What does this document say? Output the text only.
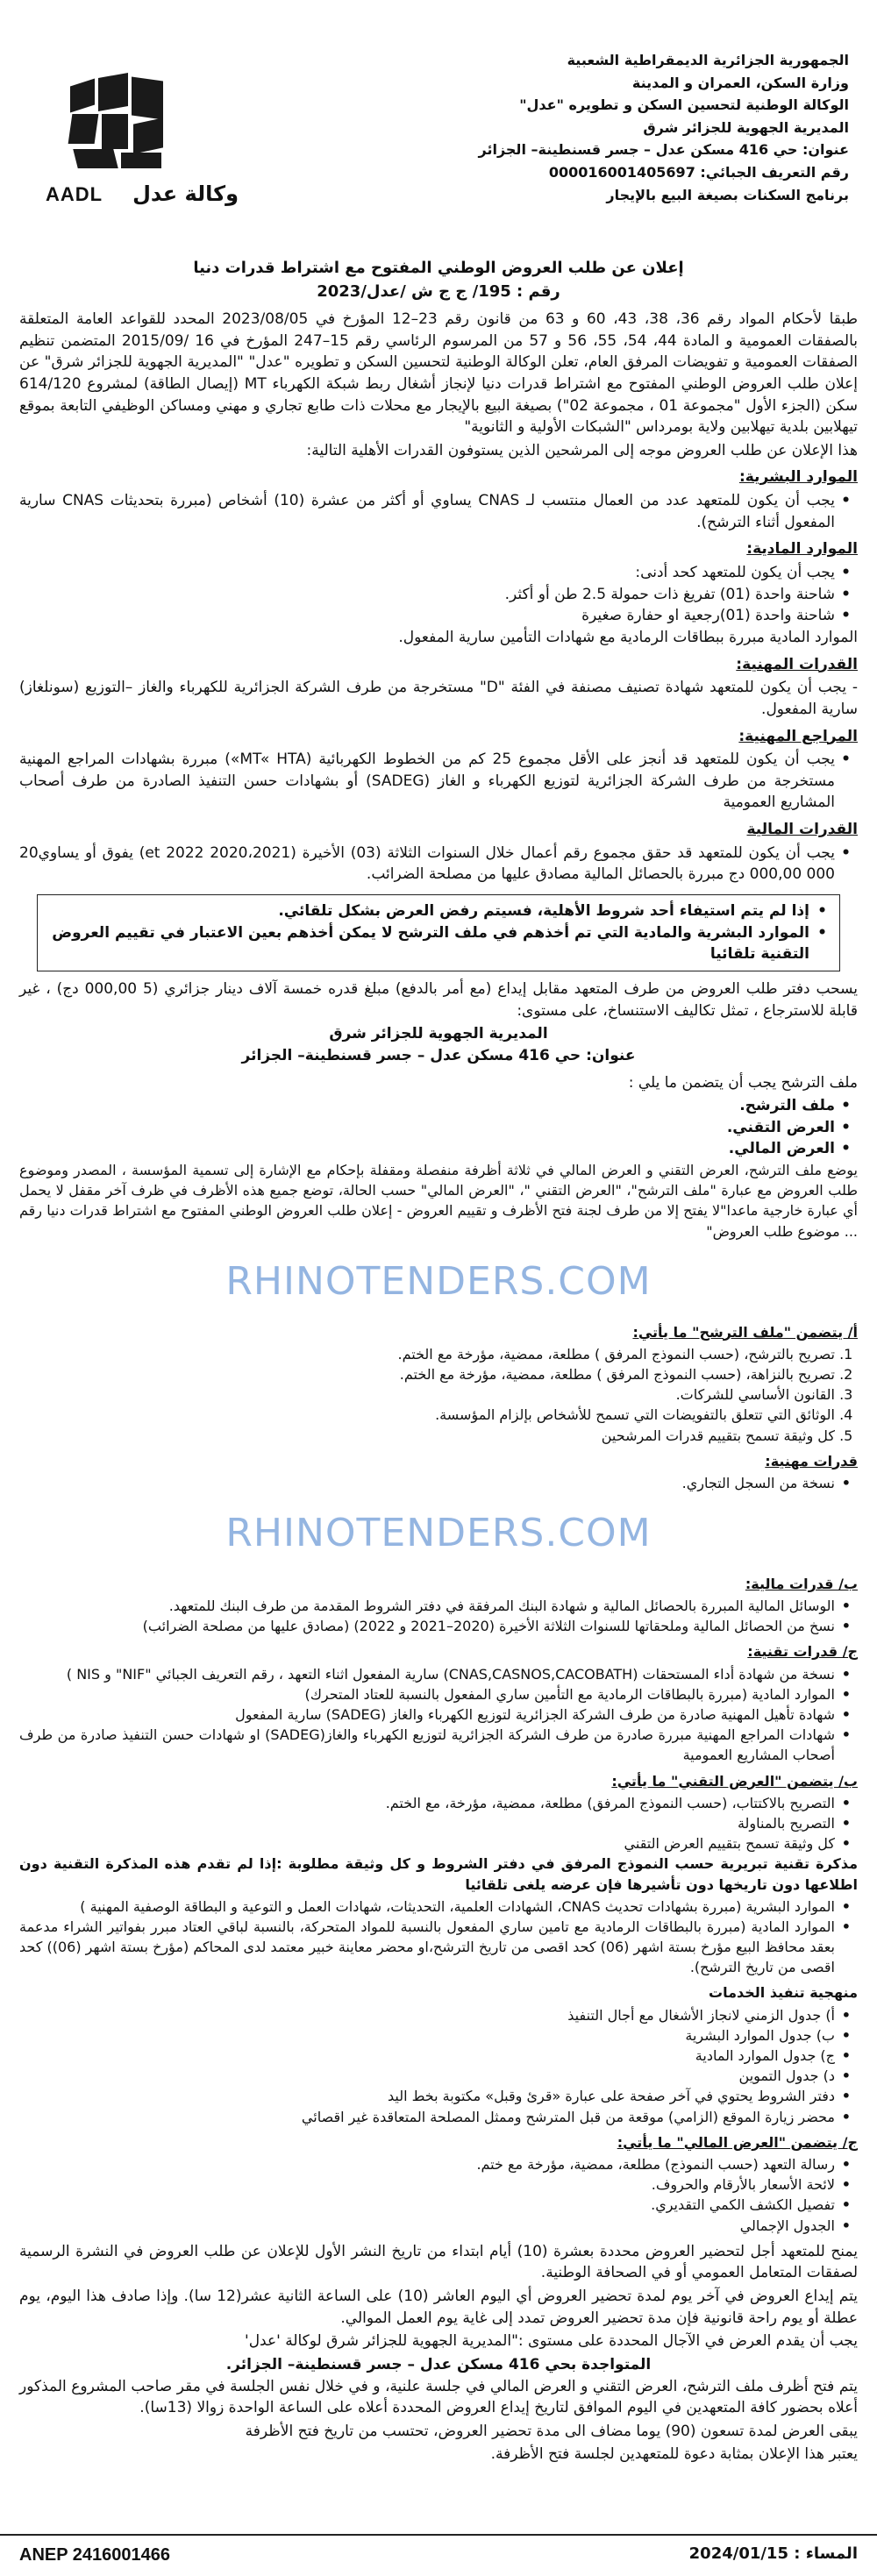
الجمهورية الجزائرية الديمقراطية الشعبية
وزارة السكن، العمران و المدينة
الوكالة الوطنية لتحسين السكن و تطويره "عدل"
المديرية الجهوية للجزائر شرق
عنوان: حي 416 مسكن عدل – جسر قسنطينة– الجزائر
رقم التعريف الجبائي: 000016001405697
برنامج السكنات بصيغة البيع بالإيجار
AADL وكالة عدل
إعلان عن طلب العروض الوطني المفتوح مع اشتراط قدرات دنيا
رقم : 195/ ج ج ش /عدل/2023

طبقا لأحكام المواد رقم 36، 38، 43، 60 و 63 من قانون رقم 23–12 المؤرخ في 2023/08/05 المحدد للقواعد العامة المتعلقة بالصفقات العمومية و المادة 44، 54، 55، 56 و 57 من المرسوم الرئاسي رقم 15–247 المؤرخ في 16 /2015/09 المتضمن تنظيم الصفقات العمومية و تفويضات المرفق العام، تعلن الوكالة الوطنية لتحسين السكن و تطويره "عدل" "المديرية الجهوية للجزائر شرق" عن إعلان طلب العروض الوطني المفتوح مع اشتراط قدرات دنيا لإنجاز أشغال ربط شبكة الكهرباء MT (إيصال الطاقة) لمشروع 614/120 سكن (الجزء الأول "مجموعة 01 ، مجموعة 02") بصيغة البيع بالإيجار مع محلات ذات طابع تجاري و مهني ومساكن الوظيفي التابعة بموقع تيهلابين بلدية تيهلابين ولاية بومرداس "الشبكات الأولية و الثانوية"

هذا الإعلان عن طلب العروض موجه إلى المرشحين الذين يستوفون القدرات الأهلية التالية:

الموارد البشرية:
• يجب أن يكون للمتعهد عدد من العمال منتسب لـ CNAS يساوي أو أكثر من عشرة (10) أشخاص (مبررة بتحديثات CNAS سارية المفعول أثناء الترشح).
الموارد المادية:
• يجب أن يكون للمتعهد كحد أدنى:
• شاحنة واحدة (01) تفريغ ذات حمولة 2.5 طن أو أكثر.
• شاحنة واحدة (01)رجعية او حفارة صغيرة

الموارد المادية مبررة ببطاقات الرمادية مع شهادات التأمين سارية المفعول.

القدرات المهنية:

- يجب أن يكون للمتعهد شهادة تصنيف مصنفة في الفئة "D" مستخرجة من طرف الشركة الجزائرية للكهرباء والغاز –التوزيع (سونلغاز) سارية المفعول.

المراجع المهنية:
• يجب أن يكون للمتعهد قد أنجز على الأقل مجموع 25 كم من الخطوط الكهربائية (MT« HTA») مبررة بشهادات المراجع المهنية مستخرجة من طرف الشركة الجزائرية لتوزيع الكهرباء و الغاز (SADEG) أو بشهادات حسن التنفيذ الصادرة من طرف أصحاب المشاريع العمومية
القدرات المالية
• يجب أن يكون للمتعهد قد حقق مجموع رقم أعمال خلال السنوات الثلاثة (03) الأخيرة (2020،2021 et 2022) يفوق أو يساوي20 000 000,00 دج مبررة بالحصائل المالية مصادق عليها من مصلحة الضرائب.
• إذا لم يتم استيفاء أحد شروط الأهلية، فسيتم رفض العرض بشكل تلقائي.
• الموارد البشرية والمادية التي تم أخذهم في ملف الترشح لا يمكن أخذهم بعين الاعتبار في تقييم العروض التقنية تلقائيا

يسحب دفتر طلب العروض من طرف المتعهد مقابل إيداع (مع أمر بالدفع) مبلغ قدره خمسة آلاف دينار جزائري (5 000,00 دج) ، غير قابلة للاسترجاع ، تمثل تكاليف الاستنساخ، على مستوى:

المديرية الجهوية للجزائر شرق
عنوان: حي 416 مسكن عدل – جسر قسنطينة– الجزائر

ملف الترشح يجب أن يتضمن ما يلي :

• ملف الترشح.
• العرض التقني.
• العرض المالي.

يوضع ملف الترشح، العرض التقني و العرض المالي في ثلاثة أظرفة منفصلة ومقفلة بإحكام مع الإشارة إلى تسمية المؤسسة ، المصدر وموضوع طلب العروض مع عبارة "ملف الترشح"، "العرض التقني "، "العرض المالي" حسب الحالة، توضع جميع هذه الأظرف في ظرف آخر مقفل لا يحمل أي عبارة خارجية ماعدا"لا يفتح إلا من طرف لجنة فتح الأظرف و تقييم العروض - إعلان طلب العروض الوطني المفتوح مع اشتراط قدرات دنيا رقم ... موضوع طلب العروض"

RHINOTENDERS.COM
أ/ يتضمن "ملف الترشح" ما يأتي:
1. تصريح بالترشح، (حسب النموذج المرفق ) مطلعة، ممضية، مؤرخة مع الختم.
2. تصريح بالنزاهة، (حسب النموذج المرفق ) مطلعة، ممضية، مؤرخة مع الختم.
3. القانون الأساسي للشركات.
4. الوثائق التي تتعلق بالتفويضات التي تسمح للأشخاص بإلزام المؤسسة.
5. كل وثيقة تسمح بتقييم قدرات المرشحين
قدرات مهنية:
• نسخة من السجل التجاري.
RHINOTENDERS.COM
ب/ قدرات مالية:
• الوسائل المالية المبررة بالحصائل المالية و شهادة البنك المرفقة في دفتر الشروط المقدمة من طرف البنك للمتعهد.
• نسخ من الحصائل المالية وملحقاتها للسنوات الثلاثة الأخيرة (2020–2021 و 2022) (مصادق عليها من مصلحة الضرائب)
ج/ قدرات تقنية:
• نسخة من شهادة أداء المستحقات (CNAS,CASNOS,CACOBATH) سارية المفعول اثناء التعهد ، رقم التعريف الجبائي "NIF" و NIS )
• الموارد المادية (مبررة بالبطاقات الرمادية مع التأمين ساري المفعول بالنسبة للعتاد المتحرك)
• شهادة تأهيل المهنية صادرة من طرف الشركة الجزائرية لتوزيع الكهرباء والغاز (SADEG) سارية المفعول
• شهادات المراجع المهنية مبررة صادرة من طرف الشركة الجزائرية لتوزيع الكهرباء والغاز(SADEG) او شهادات حسن التنفيذ صادرة من طرف أصحاب المشاريع العمومية
ب/ يتضمن "العرض التقني" ما يأتي:
• التصريح بالاكتتاب، (حسب النموذج المرفق) مطلعة، ممضية، مؤرخة، مع الختم.
• التصريح بالمناولة
• كل وثيقة تسمح بتقييم العرض التقني

مذكرة تقنية تبريرية حسب النموذج المرفق في دفتر الشروط و كل وثيقة مطلوبة :إذا لم تقدم هذه المذكرة التقنية دون اطلاعها دون تاريخها دون تأشيرها فإن عرضه يلغى تلقائيا

• الموارد البشرية (مبررة بشهادات تحديث CNAS، الشهادات العلمية، التحديثات، شهادات العمل و التوعية و البطاقة الوصفية المهنية )
• الموارد المادية (مبررة بالبطاقات الرمادية مع تامين ساري المفعول بالنسبة للمواد المتحركة، بالنسبة لباقي العتاد مبرر بفواتير الشراء مدعمة بعقد محافظ البيع مؤرخ بستة اشهر (06) كحد اقصى من تاريخ الترشح،او محضر معاينة خبير معتمد لدى المحاكم (مؤرخ بستة اشهر (06)) كحد اقصى من تاريخ الترشح).
منهجية تنفيذ الخدمات
• أ) جدول الزمني لانجاز الأشغال مع أجال التنفيذ
• ب) جدول الموارد البشرية
• ج) جدول الموارد المادية
• د) جدول التموين
• دفتر الشروط يحتوي في آخر صفحة على عبارة «قرئ وقبل» مكتوبة بخط اليد
• محضر زيارة الموقع (الزامي) موقعة من قبل المترشح وممثل المصلحة المتعاقدة غير اقصائي
ج/ يتضمن "العرض المالي" ما يأتي:
• رسالة التعهد (حسب النموذج) مطلعة، ممضية، مؤرخة مع ختم.
• لائحة الأسعار بالأرقام والحروف.
• تفصيل الكشف الكمي التقديري.
• الجدول الإجمالي

يمنح للمتعهد أجل لتحضير العروض محددة بعشرة (10) أيام ابتداء من تاريخ النشر الأول للإعلان عن طلب العروض في النشرة الرسمية لصفقات المتعامل العمومي أو في الصحافة الوطنية.

يتم إيداع العروض في آخر يوم لمدة تحضير العروض أي اليوم العاشر (10) على الساعة الثانية عشر(12 سا). وإذا صادف هذا اليوم، يوم عطلة أو يوم راحة قانونية فإن مدة تحضير العروض تمدد إلى غاية يوم العمل الموالي.

يجب أن يقدم العرض في الآجال المحددة على مستوى :"المديرية الجهوية للجزائر شرق لوكالة 'عدل'

المتواجدة بحي 416 مسكن عدل – جسر قسنطينة– الجزائر.

يتم فتح أظرف ملف الترشح، العرض التقني و العرض المالي في جلسة علنية، و في خلال نفس الجلسة في مقر صاحب المشروع المذكور أعلاه بحضور كافة المتعهدين في اليوم الموافق لتاريخ إيداع العروض المحددة أعلاه على الساعة الواحدة زوالا (13سا).

يبقى العرض لمدة تسعون (90) يوما مضاف الى مدة تحضير العروض، تحتسب من تاريخ فتح الأظرفة

يعتبر هذا الإعلان بمثابة دعوة للمتعهدين لجلسة فتح الأظرفة.

ANEP 2416001466	المساء : 2024/01/15
